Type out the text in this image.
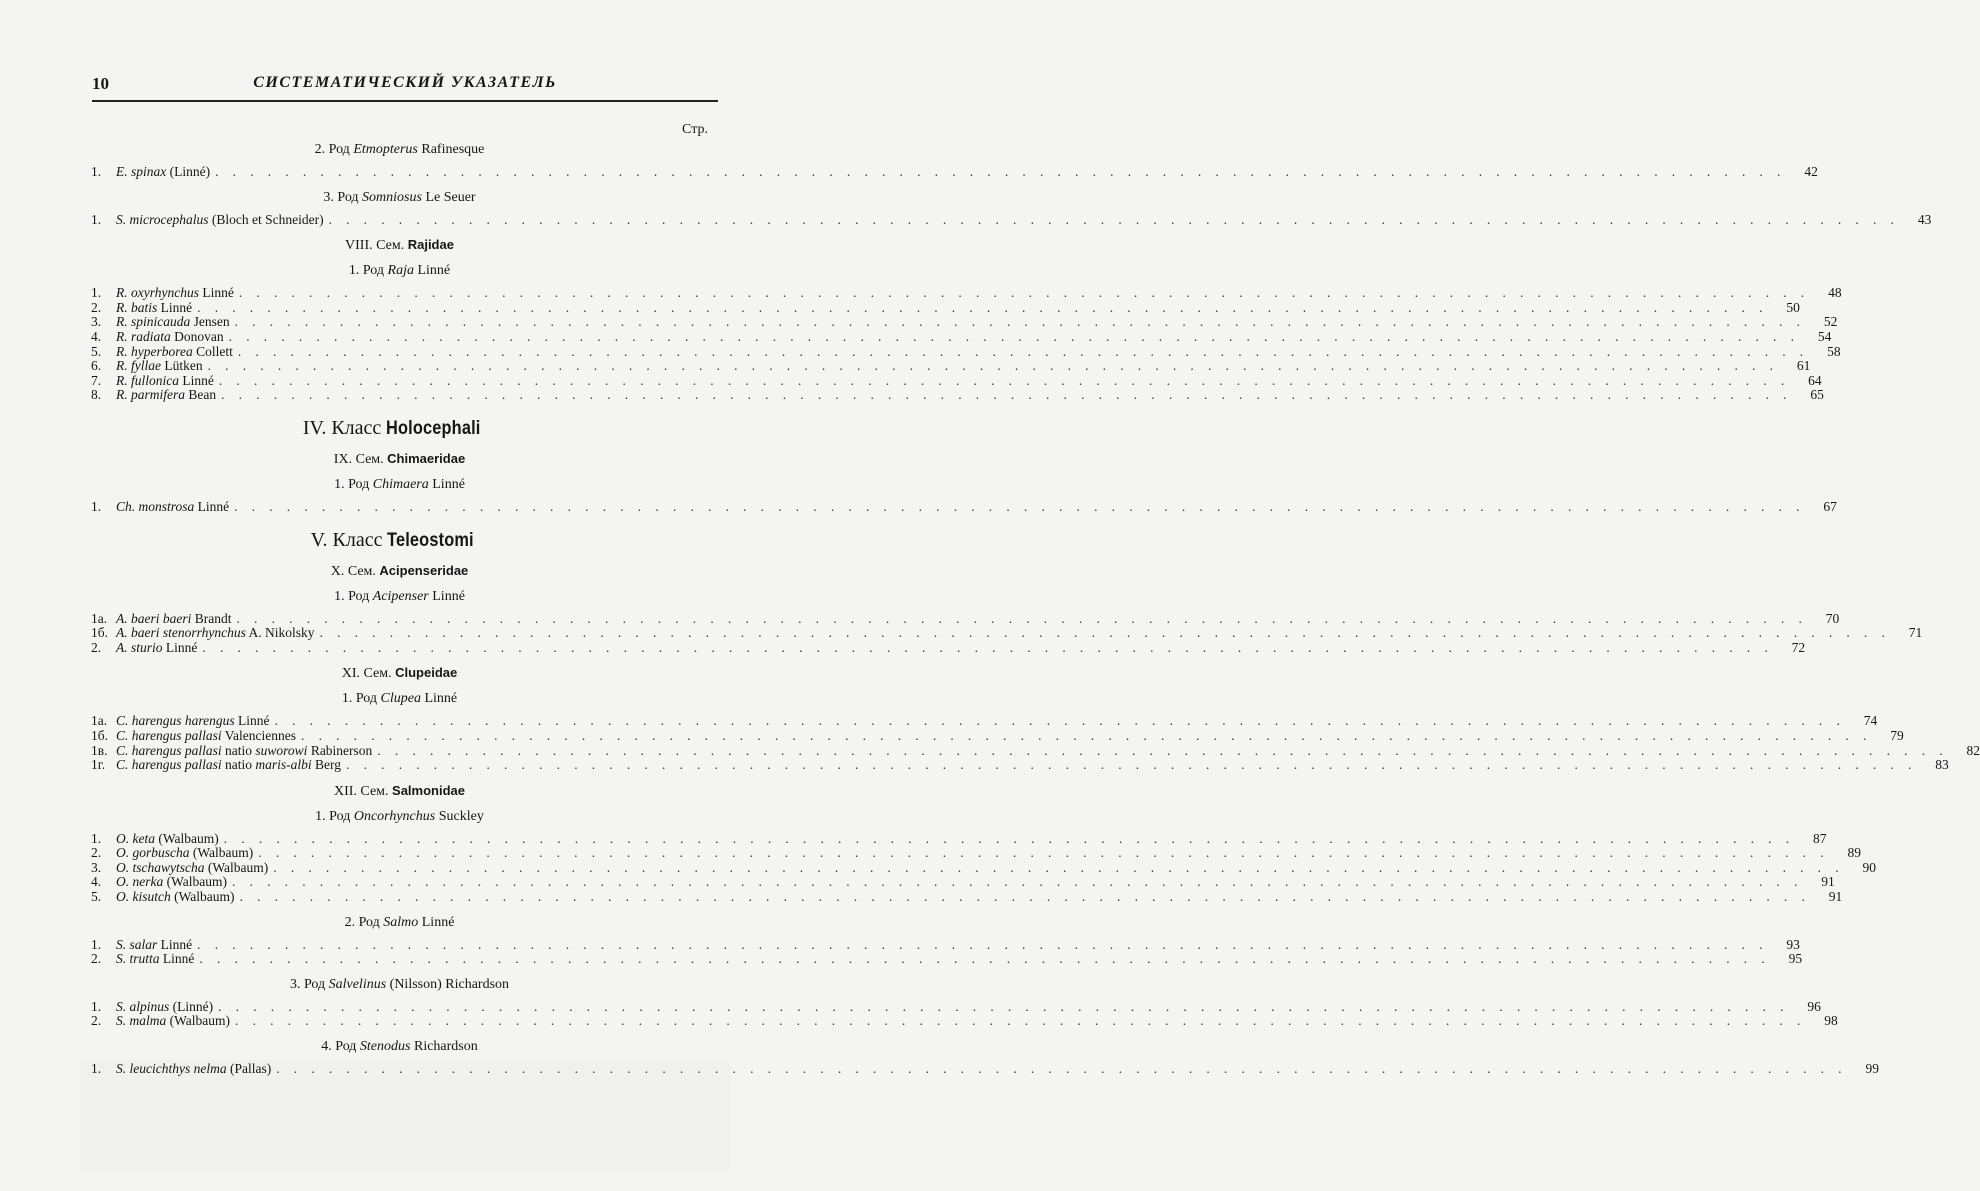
10	СИСТЕМАТИЧЕСКИЙ УКАЗАТЕЛЬ
Стр.
2. Род Etmopterus Rafinesque
1.	E. spinax (Linné) . . . . . . . . . . . . . . . . . . . . . . . . . . . . . . . . . . . . . . . . . . . . . . . . . . . . . . . . . . . . . . . . . . . . . . . . . . . . . . . . . . . . . . . . . .	42
3. Род Somniosus Le Seuer
1.	S. microcephalus (Bloch et Schneider) . . . . . . . . . . . . . . . . . . . . . . . . . . . . . . . . . . . . . . . . . . . . . . . . . . . . . . . . . . . . . . . . . . . . . . . . . . . . . . . . . . . . . . . . . .	43
VIII. Сем. Rajidae
1. Род Raja Linné
1.	R. oxyrhynchus Linné . . . . . . . . . . . . . . . . . . . . . . . . . . . . . . . . . . . . . . . . . . . . . . . . . . . . . . . . . . . . . . . . . . . . . . . . . . . . . . . . . . . . . . . . . .	48
2.	R. batis Linné . . . . . . . . . . . . . . . . . . . . . . . . . . . . . . . . . . . . . . . . . . . . . . . . . . . . . . . . . . . . . . . . . . . . . . . . . . . . . . . . . . . . . . . . . .	50
3.	R. spinicauda Jensen . . . . . . . . . . . . . . . . . . . . . . . . . . . . . . . . . . . . . . . . . . . . . . . . . . . . . . . . . . . . . . . . . . . . . . . . . . . . . . . . . . . . . . . . . .	52
4.	R. radiata Donovan . . . . . . . . . . . . . . . . . . . . . . . . . . . . . . . . . . . . . . . . . . . . . . . . . . . . . . . . . . . . . . . . . . . . . . . . . . . . . . . . . . . . . . . . . .	54
5.	R. hyperborea Collett . . . . . . . . . . . . . . . . . . . . . . . . . . . . . . . . . . . . . . . . . . . . . . . . . . . . . . . . . . . . . . . . . . . . . . . . . . . . . . . . . . . . . . . . . .	58
6.	R. fyllae Lütken . . . . . . . . . . . . . . . . . . . . . . . . . . . . . . . . . . . . . . . . . . . . . . . . . . . . . . . . . . . . . . . . . . . . . . . . . . . . . . . . . . . . . . . . . .	61
7.	R. fullonica Linné . . . . . . . . . . . . . . . . . . . . . . . . . . . . . . . . . . . . . . . . . . . . . . . . . . . . . . . . . . . . . . . . . . . . . . . . . . . . . . . . . . . . . . . . . .	64
8.	R. parmifera Bean . . . . . . . . . . . . . . . . . . . . . . . . . . . . . . . . . . . . . . . . . . . . . . . . . . . . . . . . . . . . . . . . . . . . . . . . . . . . . . . . . . . . . . . . . .	65
IV. Класс Holocephali
IX. Сем. Chimaeridae
1. Род Chimaera Linné
1.	Ch. monstrosa Linné . . . . . . . . . . . . . . . . . . . . . . . . . . . . . . . . . . . . . . . . . . . . . . . . . . . . . . . . . . . . . . . . . . . . . . . . . . . . . . . . . . . . . . . . . .	67
V. Класс Teleostomi
X. Сем. Acipenseridae
1. Род Acipenser Linné
1а. A. baeri baeri Brandt . . . . . . . . . . . . . . . . . . . . . . . . . . . . . . . . . . . . . . . . . . . . . . . . . . . . . . . . . . . . . . . . . . . . . . . . . . . . . . . . . . . . . . . . . .	70
1б. A. baeri stenorrhynchus A. Nikolsky . . . . . . . . . . . . . . . . . . . . . . . . . . . . . . . . . . . . . . . . . . . . . . . . . . . . . . . . . . . . . . . . . . . . . . . . . . . . . . . . . . . . . . . . . .	71
2.	A. sturio Linné . . . . . . . . . . . . . . . . . . . . . . . . . . . . . . . . . . . . . . . . . . . . . . . . . . . . . . . . . . . . . . . . . . . . . . . . . . . . . . . . . . . . . . . . . .	72
XI. Сем. Clupeidae
1. Род Clupea Linné
1а. C. harengus harengus Linné . . . . . . . . . . . . . . . . . . . . . . . . . . . . . . . . . . . . . . . . . . . . . . . . . . . . . . . . . . . . . . . . . . . . . . . . . . . . . . . . . . . . . . . . . .	74
1б. C. harengus pallasi Valenciennes . . . . . . . . . . . . . . . . . . . . . . . . . . . . . . . . . . . . . . . . . . . . . . . . . . . . . . . . . . . . . . . . . . . . . . . . . . . . . . . . . . . . . . . . . .	79
1в. C. harengus pallasi natio suworowi Rabinerson . . . . . . . . . . . . . . . . . . . . . . . . . . . . . . . . . . . . . . . . . . . . . . . . . . . . . . . . . . . . . . . . . . . . . . . . . . . . . . . . . . . . . . . . . .	82
1г. C. harengus pallasi natio maris-albi Berg . . . . . . . . . . . . . . . . . . . . . . . . . . . . . . . . . . . . . . . . . . . . . . . . . . . . . . . . . . . . . . . . . . . . . . . . . . . . . . . . . . . . . . . . . .	83
XII. Сем. Salmonidae
1. Род Oncorhynchus Suckley
1.	O. keta (Walbaum) . . . . . . . . . . . . . . . . . . . . . . . . . . . . . . . . . . . . . . . . . . . . . . . . . . . . . . . . . . . . . . . . . . . . . . . . . . . . . . . . . . . . . . . . . .	87
2.	O. gorbuscha (Walbaum) . . . . . . . . . . . . . . . . . . . . . . . . . . . . . . . . . . . . . . . . . . . . . . . . . . . . . . . . . . . . . . . . . . . . . . . . . . . . . . . . . . . . . . . . . .	89
3.	O. tschawytscha (Walbaum) . . . . . . . . . . . . . . . . . . . . . . . . . . . . . . . . . . . . . . . . . . . . . . . . . . . . . . . . . . . . . . . . . . . . . . . . . . . . . . . . . . . . . . . . . .	90
4.	O. nerka (Walbaum) . . . . . . . . . . . . . . . . . . . . . . . . . . . . . . . . . . . . . . . . . . . . . . . . . . . . . . . . . . . . . . . . . . . . . . . . . . . . . . . . . . . . . . . . . .	91
5.	O. kisutch (Walbaum) . . . . . . . . . . . . . . . . . . . . . . . . . . . . . . . . . . . . . . . . . . . . . . . . . . . . . . . . . . . . . . . . . . . . . . . . . . . . . . . . . . . . . . . . . .	91
2. Род Salmo Linné
1.	S. salar Linné . . . . . . . . . . . . . . . . . . . . . . . . . . . . . . . . . . . . . . . . . . . . . . . . . . . . . . . . . . . . . . . . . . . . . . . . . . . . . . . . . . . . . . . . . .	93
2.	S. trutta Linné . . . . . . . . . . . . . . . . . . . . . . . . . . . . . . . . . . . . . . . . . . . . . . . . . . . . . . . . . . . . . . . . . . . . . . . . . . . . . . . . . . . . . . . . . .	95
3. Род Salvelinus (Nilsson) Richardson
1.	S. alpinus (Linné) . . . . . . . . . . . . . . . . . . . . . . . . . . . . . . . . . . . . . . . . . . . . . . . . . . . . . . . . . . . . . . . . . . . . . . . . . . . . . . . . . . . . . . . . . .	96
2.	S. malma (Walbaum) . . . . . . . . . . . . . . . . . . . . . . . . . . . . . . . . . . . . . . . . . . . . . . . . . . . . . . . . . . . . . . . . . . . . . . . . . . . . . . . . . . . . . . . . . .	98
4. Род Stenodus Richardson
1.	S. leucichthys nelma (Pallas) . . . . . . . . . . . . . . . . . . . . . . . . . . . . . . . . . . . . . . . . . . . . . . . . . . . . . . . . . . . . . . . . . . . . . . . . . . . . . . . . . . . . . . . . . .	99
